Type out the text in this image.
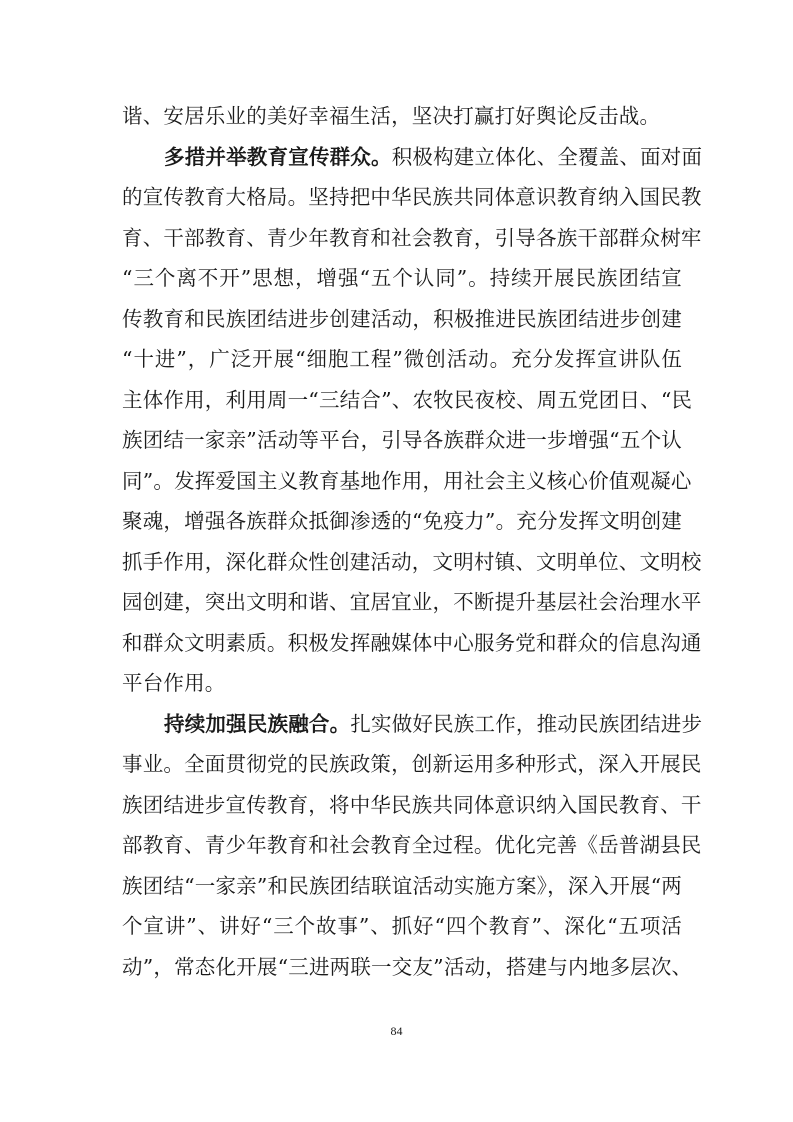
谐、安居乐业的美好幸福生活，坚决打赢打好舆论反击战。
多措并举教育宣传群众。积极构建立体化、全覆盖、面对面
的宣传教育大格局。坚持把中华民族共同体意识教育纳入国民教
育、干部教育、青少年教育和社会教育，引导各族干部群众树牢
“三个离不开”思想，增强“五个认同”。持续开展民族团结宣
传教育和民族团结进步创建活动，积极推进民族团结进步创建
“十进”，广泛开展“细胞工程”微创活动。充分发挥宣讲队伍
主体作用，利用周一“三结合”、农牧民夜校、周五党团日、“民
族团结一家亲”活动等平台，引导各族群众进一步增强“五个认
同”。发挥爱国主义教育基地作用，用社会主义核心价值观凝心
聚魂，增强各族群众抵御渗透的“免疫力”。充分发挥文明创建
抓手作用，深化群众性创建活动，文明村镇、文明单位、文明校
园创建，突出文明和谐、宜居宜业，不断提升基层社会治理水平
和群众文明素质。积极发挥融媒体中心服务党和群众的信息沟通
平台作用。
持续加强民族融合。扎实做好民族工作，推动民族团结进步
事业。全面贯彻党的民族政策，创新运用多种形式，深入开展民
族团结进步宣传教育，将中华民族共同体意识纳入国民教育、干
部教育、青少年教育和社会教育全过程。优化完善《岳普湖县民
族团结“一家亲”和民族团结联谊活动实施方案》，深入开展“两
个宣讲”、讲好“三个故事”、抓好“四个教育”、深化“五项活
动”，常态化开展“三进两联一交友”活动，搭建与内地多层次、
84
